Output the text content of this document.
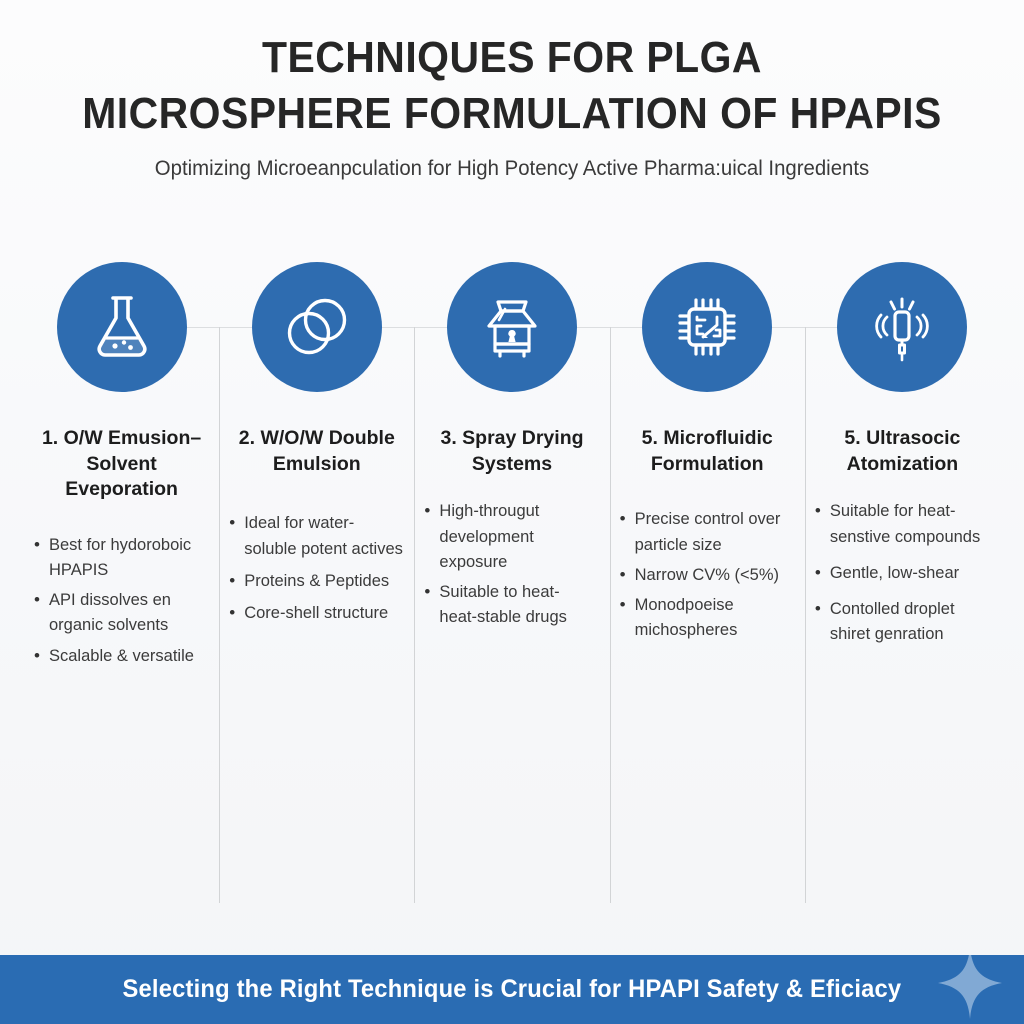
TECHNIQUES FOR PLGA
MICROSPHERE FORMULATION OF HPAPIS
Optimizing Microeanpculation for High Potency Active Pharma:uical Ingredients
1. O/W Emusion– Solvent Eveporation
• Best for hydoroboic HPAPIS
• API dissolves en organic solvents
• Scalable & versatile
2. W/O/W Double Emulsion
• Ideal for water-soluble potent actives
• Proteins & Peptides
• Core-shell structure
3. Spray Drying Systems
• High-througut development exposure
• Suitable to heat- heat-stable drugs
5. Microfluidic Formulation
• Precise control over particle size
• Narrow CV% (<5%)
• Monodpoeise michospheres
5. Ultrasocic Atomization
• Suitable for heat-senstive compounds
• Gentle, low-shear
• Contolled droplet shiret genration
Selecting the Right Technique is Crucial for HPAPI Safety & Eficiacy
